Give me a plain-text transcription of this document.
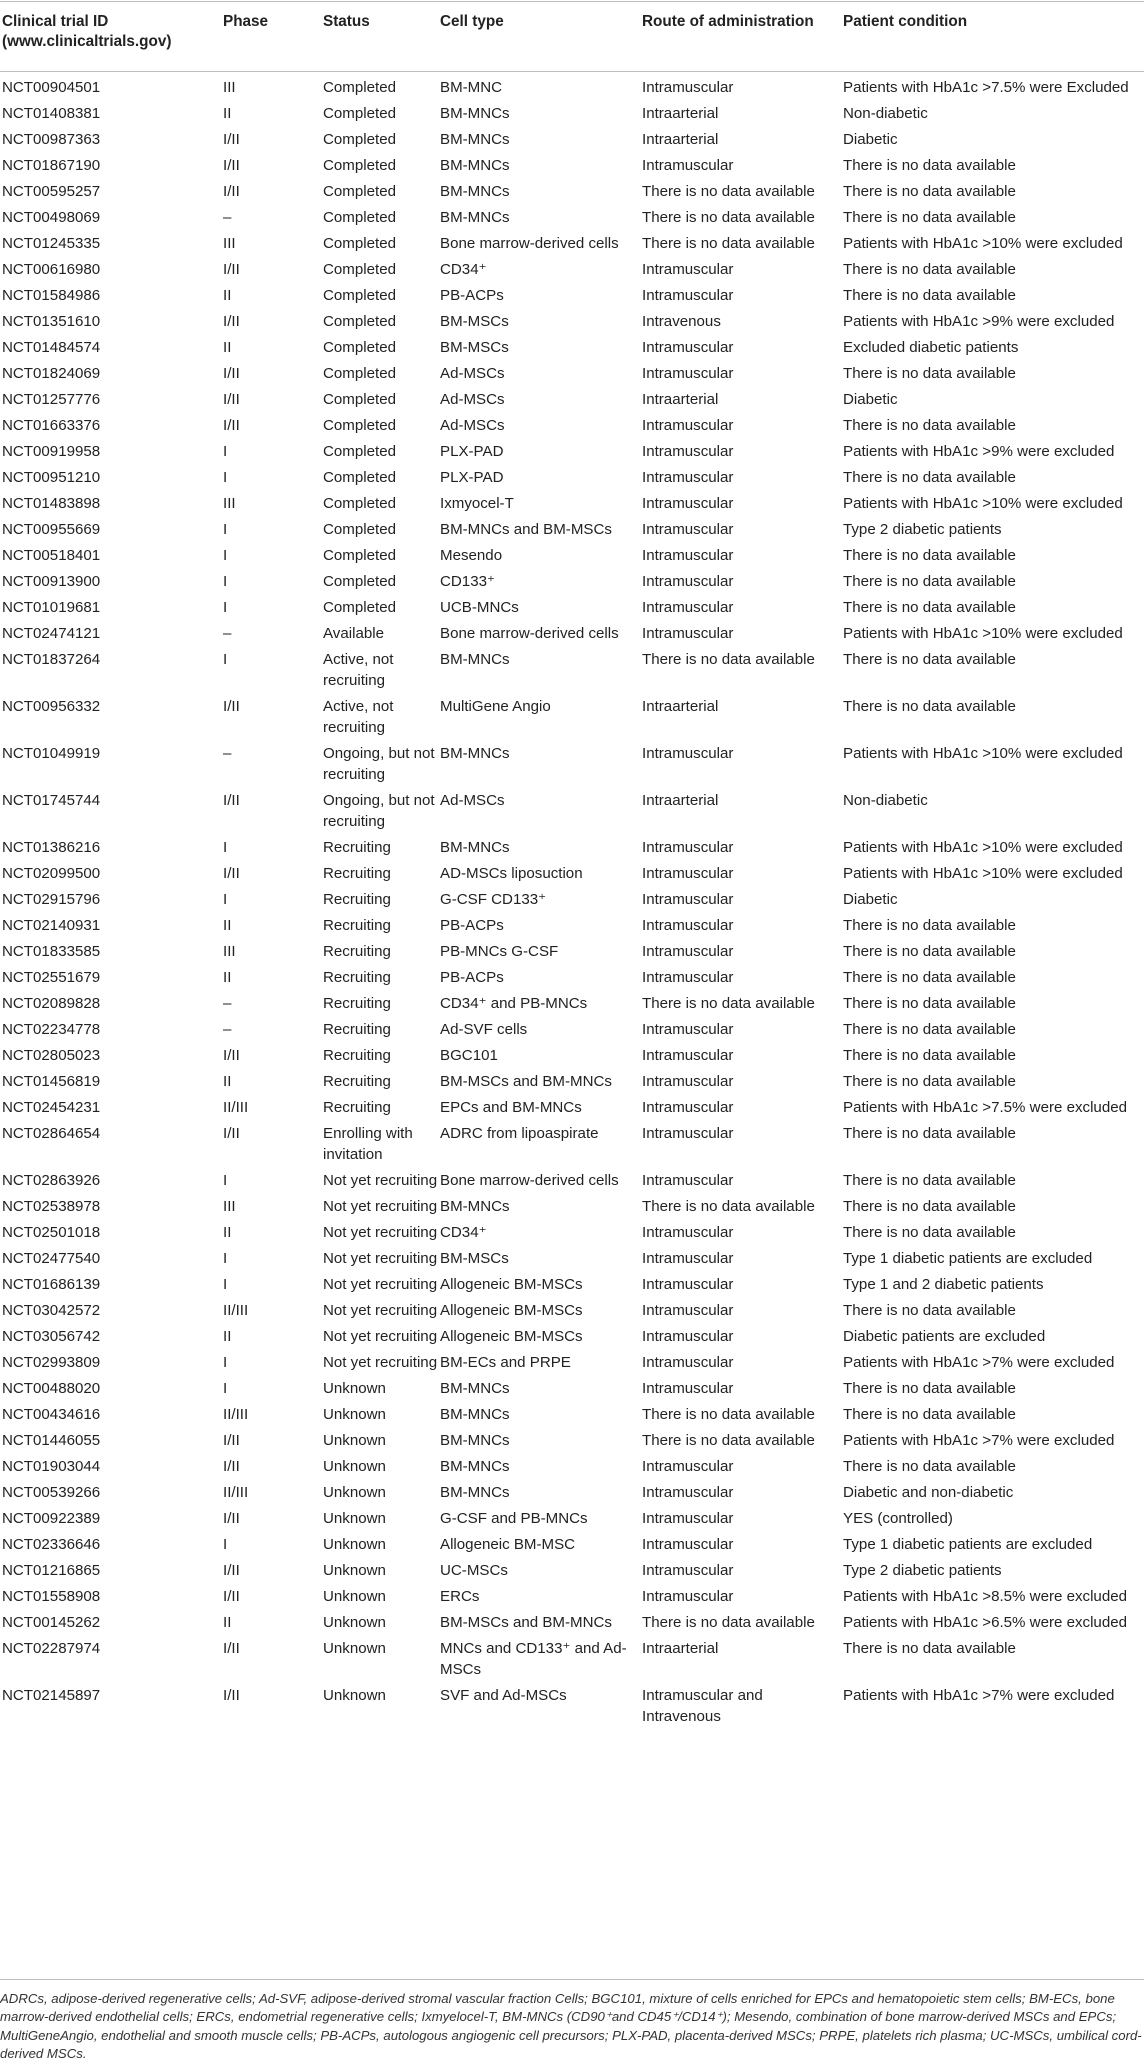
Clinical trial ID (www.clinicaltrials.gov)	Phase	Status	Cell type	Route of administration	Patient condition
NCT00904501	III	Completed	BM-MNC	Intramuscular	Patients with HbA1c >7.5% were Excluded
NCT01408381	II	Completed	BM-MNCs	Intraarterial	Non-diabetic
NCT00987363	I/II	Completed	BM-MNCs	Intraarterial	Diabetic
NCT01867190	I/II	Completed	BM-MNCs	Intramuscular	There is no data available
NCT00595257	I/II	Completed	BM-MNCs	There is no data available	There is no data available
NCT00498069	–	Completed	BM-MNCs	There is no data available	There is no data available
NCT01245335	III	Completed	Bone marrow-derived cells	There is no data available	Patients with HbA1c >10% were excluded
NCT00616980	I/II	Completed	CD34⁺	Intramuscular	There is no data available
NCT01584986	II	Completed	PB-ACPs	Intramuscular	There is no data available
NCT01351610	I/II	Completed	BM-MSCs	Intravenous	Patients with HbA1c >9% were excluded
NCT01484574	II	Completed	BM-MSCs	Intramuscular	Excluded diabetic patients
NCT01824069	I/II	Completed	Ad-MSCs	Intramuscular	There is no data available
NCT01257776	I/II	Completed	Ad-MSCs	Intraarterial	Diabetic
NCT01663376	I/II	Completed	Ad-MSCs	Intramuscular	There is no data available
NCT00919958	I	Completed	PLX-PAD	Intramuscular	Patients with HbA1c >9% were excluded
NCT00951210	I	Completed	PLX-PAD	Intramuscular	There is no data available
NCT01483898	III	Completed	Ixmyocel-T	Intramuscular	Patients with HbA1c >10% were excluded
NCT00955669	I	Completed	BM-MNCs and BM-MSCs	Intramuscular	Type 2 diabetic patients
NCT00518401	I	Completed	Mesendo	Intramuscular	There is no data available
NCT00913900	I	Completed	CD133⁺	Intramuscular	There is no data available
NCT01019681	I	Completed	UCB-MNCs	Intramuscular	There is no data available
NCT02474121	–	Available	Bone marrow-derived cells	Intramuscular	Patients with HbA1c >10% were excluded
NCT01837264	I	Active, not recruiting	BM-MNCs	There is no data available	There is no data available
NCT00956332	I/II	Active, not recruiting	MultiGene Angio	Intraarterial	There is no data available
NCT01049919	–	Ongoing, but not recruiting	BM-MNCs	Intramuscular	Patients with HbA1c >10% were excluded
NCT01745744	I/II	Ongoing, but not recruiting	Ad-MSCs	Intraarterial	Non-diabetic
NCT01386216	I	Recruiting	BM-MNCs	Intramuscular	Patients with HbA1c >10% were excluded
NCT02099500	I/II	Recruiting	AD-MSCs liposuction	Intramuscular	Patients with HbA1c >10% were excluded
NCT02915796	I	Recruiting	G-CSF CD133⁺	Intramuscular	Diabetic
NCT02140931	II	Recruiting	PB-ACPs	Intramuscular	There is no data available
NCT01833585	III	Recruiting	PB-MNCs G-CSF	Intramuscular	There is no data available
NCT02551679	II	Recruiting	PB-ACPs	Intramuscular	There is no data available
NCT02089828	–	Recruiting	CD34⁺ and PB-MNCs	There is no data available	There is no data available
NCT02234778	–	Recruiting	Ad-SVF cells	Intramuscular	There is no data available
NCT02805023	I/II	Recruiting	BGC101	Intramuscular	There is no data available
NCT01456819	II	Recruiting	BM-MSCs and BM-MNCs	Intramuscular	There is no data available
NCT02454231	II/III	Recruiting	EPCs and BM-MNCs	Intramuscular	Patients with HbA1c >7.5% were excluded
NCT02864654	I/II	Enrolling with invitation	ADRC from lipoaspirate	Intramuscular	There is no data available
NCT02863926	I	Not yet recruiting	Bone marrow-derived cells	Intramuscular	There is no data available
NCT02538978	III	Not yet recruiting	BM-MNCs	There is no data available	There is no data available
NCT02501018	II	Not yet recruiting	CD34⁺	Intramuscular	There is no data available
NCT02477540	I	Not yet recruiting	BM-MSCs	Intramuscular	Type 1 diabetic patients are excluded
NCT01686139	I	Not yet recruiting	Allogeneic BM-MSCs	Intramuscular	Type 1 and 2 diabetic patients
NCT03042572	II/III	Not yet recruiting	Allogeneic BM-MSCs	Intramuscular	There is no data available
NCT03056742	II	Not yet recruiting	Allogeneic BM-MSCs	Intramuscular	Diabetic patients are excluded
NCT02993809	I	Not yet recruiting	BM-ECs and PRPE	Intramuscular	Patients with HbA1c >7% were excluded
NCT00488020	I	Unknown	BM-MNCs	Intramuscular	There is no data available
NCT00434616	II/III	Unknown	BM-MNCs	There is no data available	There is no data available
NCT01446055	I/II	Unknown	BM-MNCs	There is no data available	Patients with HbA1c >7% were excluded
NCT01903044	I/II	Unknown	BM-MNCs	Intramuscular	There is no data available
NCT00539266	II/III	Unknown	BM-MNCs	Intramuscular	Diabetic and non-diabetic
NCT00922389	I/II	Unknown	G-CSF and PB-MNCs	Intramuscular	YES (controlled)
NCT02336646	I	Unknown	Allogeneic BM-MSC	Intramuscular	Type 1 diabetic patients are excluded
NCT01216865	I/II	Unknown	UC-MSCs	Intramuscular	Type 2 diabetic patients
NCT01558908	I/II	Unknown	ERCs	Intramuscular	Patients with HbA1c >8.5% were excluded
NCT00145262	II	Unknown	BM-MSCs and BM-MNCs	There is no data available	Patients with HbA1c >6.5% were excluded
NCT02287974	I/II	Unknown	MNCs and CD133⁺ and Ad-MSCs	Intraarterial	There is no data available
NCT02145897	I/II	Unknown	SVF and Ad-MSCs	Intramuscular and Intravenous	Patients with HbA1c >7% were excluded
ADRCs, adipose-derived regenerative cells; Ad-SVF, adipose-derived stromal vascular fraction Cells; BGC101, mixture of cells enriched for EPCs and hematopoietic stem cells; BM-ECs, bone marrow-derived endothelial cells; ERCs, endometrial regenerative cells; Ixmyelocel-T, BM-MNCs (CD90⁺and CD45⁺/CD14⁺); Mesendo, combination of bone marrow-derived MSCs and EPCs; MultiGeneAngio, endothelial and smooth muscle cells; PB-ACPs, autologous angiogenic cell precursors; PLX-PAD, placenta-derived MSCs; PRPE, platelets rich plasma; UC-MSCs, umbilical cord-derived MSCs.
